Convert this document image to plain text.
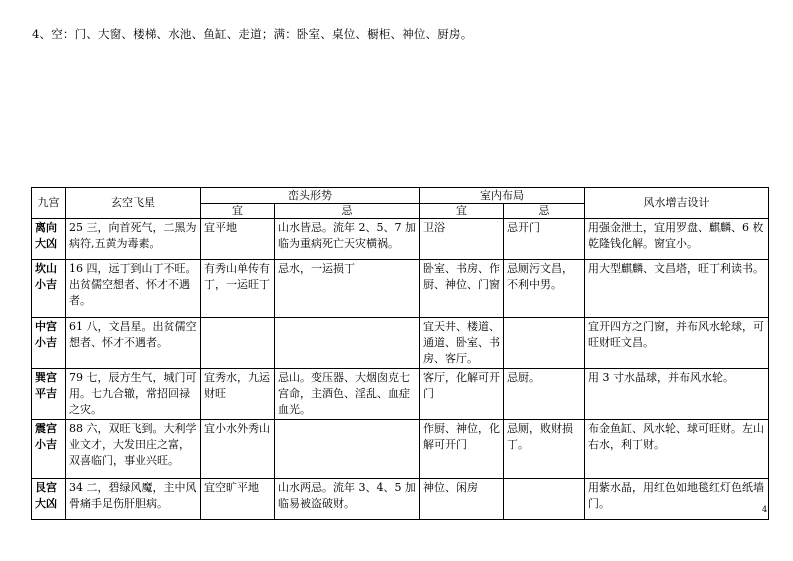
4、空：门、大窗、楼梯、水池、鱼缸、走道；满：卧室、桌位、橱柜、神位、厨房。
九宫	玄空飞星	峦头形势		室内布局		风水增吉设计
		宜	忌	宜	忌	
离向大凶	25 三，向首死气，二黑为病符,五黄为毒素。	宜平地	山水皆忌。流年 2、5、7 加临为重病死亡天灾横祸。	卫浴	忌开门	用强金泄土，宜用罗盘、麒麟、6 枚乾隆钱化解。窗宜小。
坎山小吉	16 四，远丁到山丁不旺。出贫儒空想者、怀才不遇者。	有秀山单传有丁，一运旺丁	忌水，一运损丁	卧室、书房、作厨、神位、门窗	忌厕污文昌，不利中男。	用大型麒麟、文昌塔，旺丁利读书。
中宫小吉	61 八，文昌星。出贫儒空想者、怀才不遇者。			宜天井、楼道、通道、卧室、书房、客厅。		宜开四方之门窗，并布风水轮球，可旺财旺文昌。
巽宫平吉	79 七，辰方生气，城门可用。七九合辙，常招回禄之灾。	宜秀水，九运财旺	忌山。变压器、大烟囱克七宫命，主酒色、淫乱、血症血光。	客厅，化解可开门	忌厨。	用 3 寸水晶球，并布风水轮。
震宫小吉	88 六，双旺飞到。大利学业文才，大发田庄之富，双喜临门，事业兴旺。	宜小水外秀山		作厨、神位，化解可开门	忌厕，败财损丁。	布金鱼缸、风水轮、球可旺财。左山右水，利丁财。
艮宫大凶	34 二，碧绿风魔，主中风骨痛手足伤肝胆病。	宜空旷平地	山水两忌。流年 3、4、5 加临易被盗破财。	神位、闲房		用紫水晶，用红色如地毯红灯色纸墙门。	4
